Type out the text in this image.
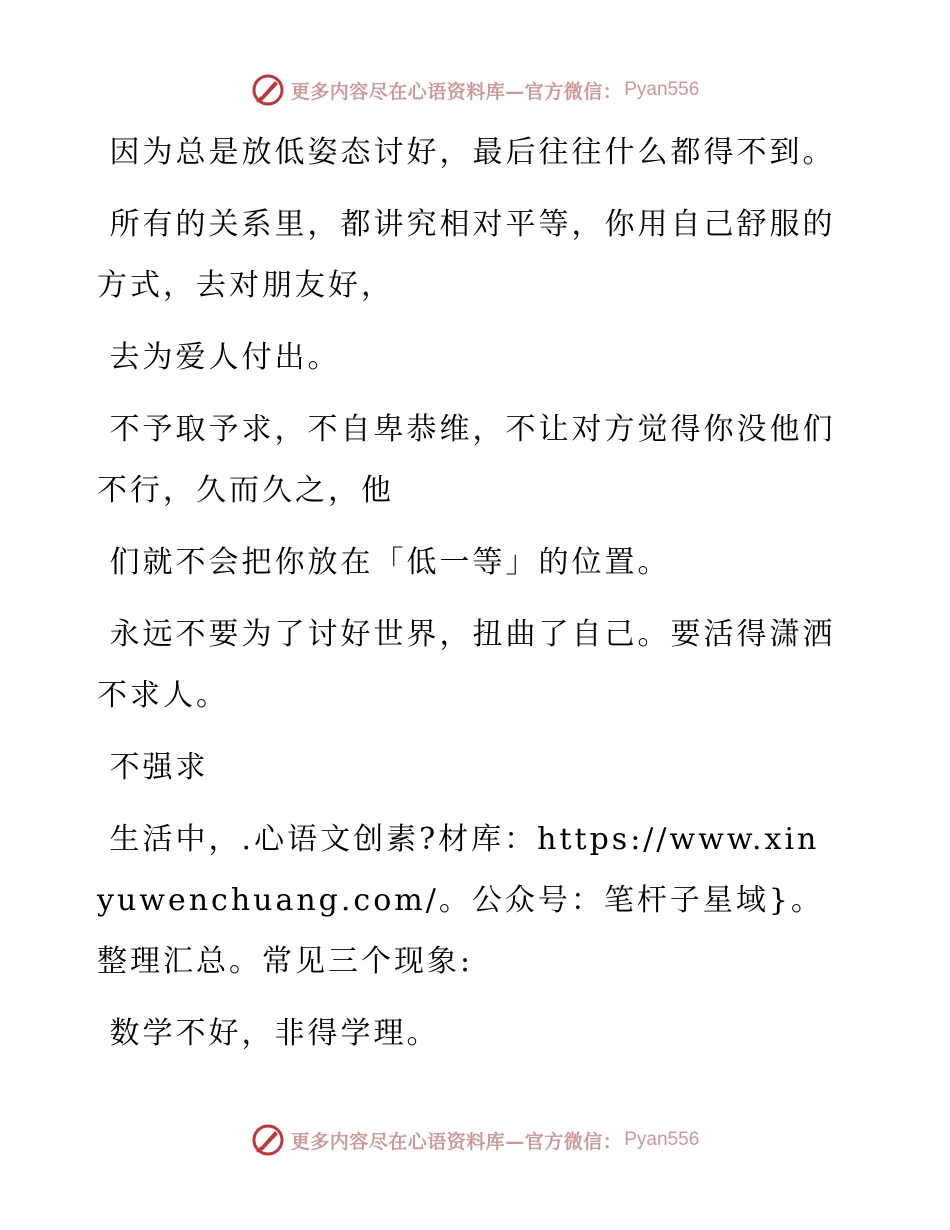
更多内容尽在心语资料库—官方微信： Pyan556

因为总是放低姿态讨好，最后往往什么都得不到。

所有的关系里，都讲究相对平等，你用自己舒服的方式，去对朋友好，

去为爱人付出。

不予取予求，不自卑恭维，不让对方觉得你没他们不行，久而久之，他

们就不会把你放在「低一等」的位置。

永远不要为了讨好世界，扭曲了自己。要活得潇洒不求人。

不强求

生活中，.心语文创素?材库：https://www.xinyuwenchuang.com/。公众号：笔杆子星域}。整理汇总。常见三个现象:

数学不好，非得学理。

更多内容尽在心语资料库—官方微信： Pyan556
